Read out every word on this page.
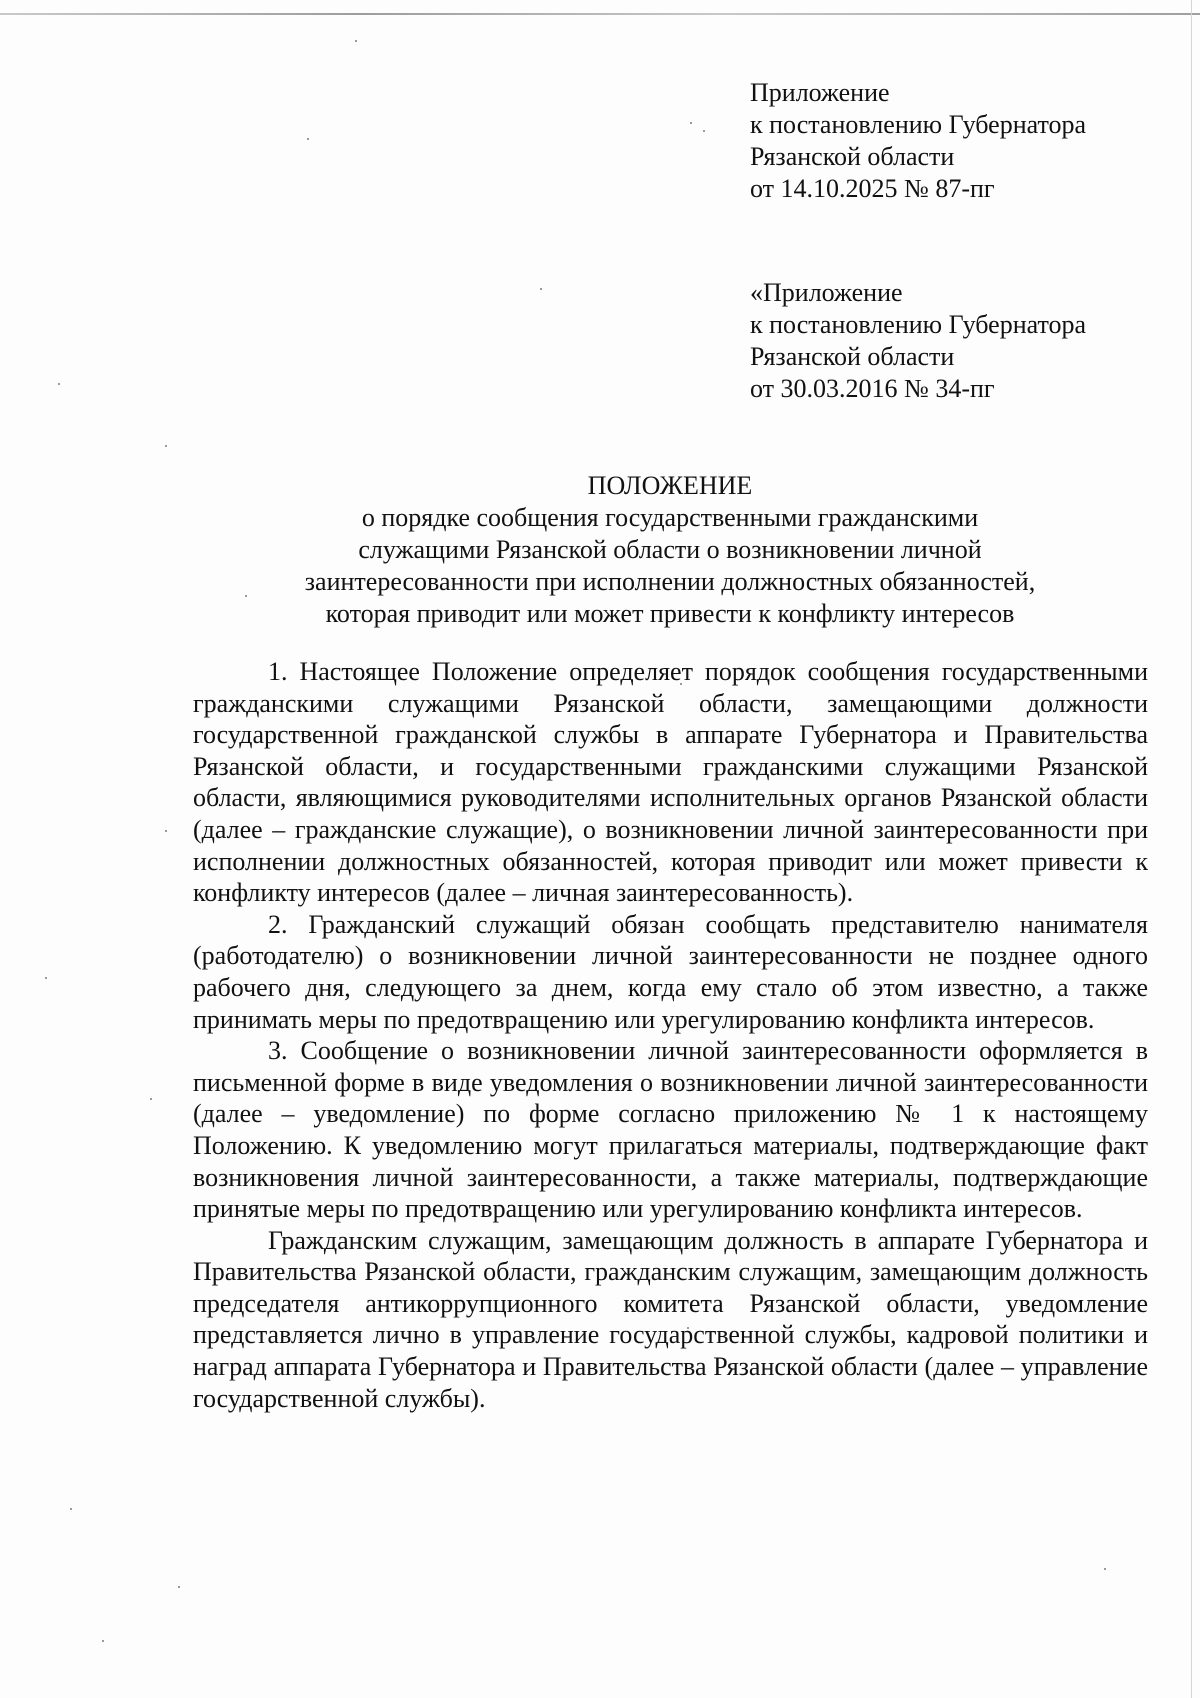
Приложение
к постановлению Губернатора
Рязанской области
от 14.10.2025 № 87-пг
«Приложение
к постановлению Губернатора
Рязанской области
от 30.03.2016 № 34-пг
ПОЛОЖЕНИЕ
о порядке сообщения государственными гражданскими
служащими Рязанской области о возникновении личной
заинтересованности при исполнении должностных обязанностей,
которая приводит или может привести к конфликту интересов

1. Настоящее Положение определяет порядок сообщения государственными гражданскими служащими Рязанской области, замещающими должности государственной гражданской службы в аппарате Губернатора и Правительства Рязанской области, и государственными гражданскими служащими Рязанской области, являющимися руководителями исполнительных органов Рязанской области (далее – гражданские служащие), о возникновении личной заинтересованности при исполнении должностных обязанностей, которая приводит или может привести к конфликту интересов (далее – личная заинтересованность).

2. Гражданский служащий обязан сообщать представителю нанимателя (работодателю) о возникновении личной заинтересованности не позднее одного рабочего дня, следующего за днем, когда ему стало об этом известно, а также принимать меры по предотвращению или урегулированию конфликта интересов.

3. Сообщение о возникновении личной заинтересованности оформляется в письменной форме в виде уведомления о возникновении личной заинтересованности (далее – уведомление) по форме согласно приложению № 1 к настоящему Положению. К уведомлению могут прилагаться материалы, подтверждающие факт возникновения личной заинтересованности, а также материалы, подтверждающие принятые меры по предотвращению или урегулированию конфликта интересов.

Гражданским служащим, замещающим должность в аппарате Губернатора и Правительства Рязанской области, гражданским служащим, замещающим должность председателя антикоррупционного комитета Рязанской области, уведомление представляется лично в управление государственной службы, кадровой политики и наград аппарата Губернатора и Правительства Рязанской области (далее – управление государственной службы).
